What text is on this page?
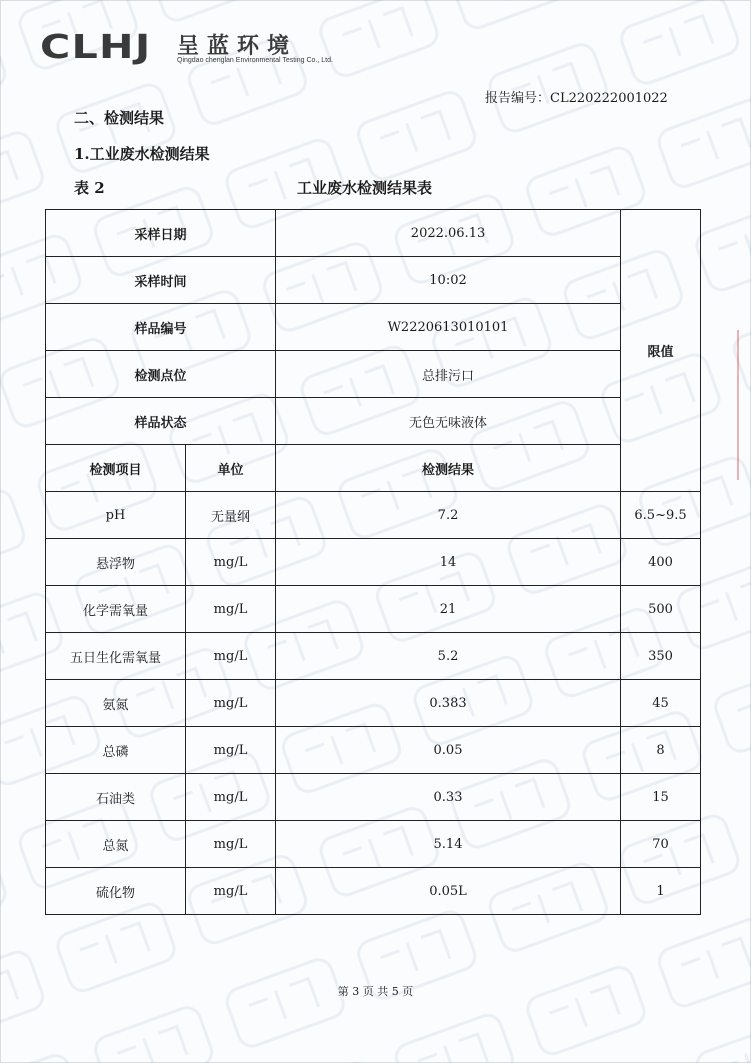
CLHJ 呈蓝环境
Qingdao chenglan Environmental Testing Co., Ltd.
报告编号：CL220222001022
二、检测结果
1.工业废水检测结果
表 2	工业废水检测结果表
采样日期		2022.06.13	限值
采样时间		10:02	
样品编号		W2220613010101	
检测点位		总排污口	
样品状态		无色无味液体	
检测项目	单位	检测结果	
pH	无量纲	7.2	6.5~9.5
悬浮物	mg/L	14	400
化学需氧量	mg/L	21	500
五日生化需氧量	mg/L	5.2	350
氨氮	mg/L	0.383	45
总磷	mg/L	0.05	8
石油类	mg/L	0.33	15
总氮	mg/L	5.14	70
硫化物	mg/L	0.05L	1
第 3 页 共 5 页
